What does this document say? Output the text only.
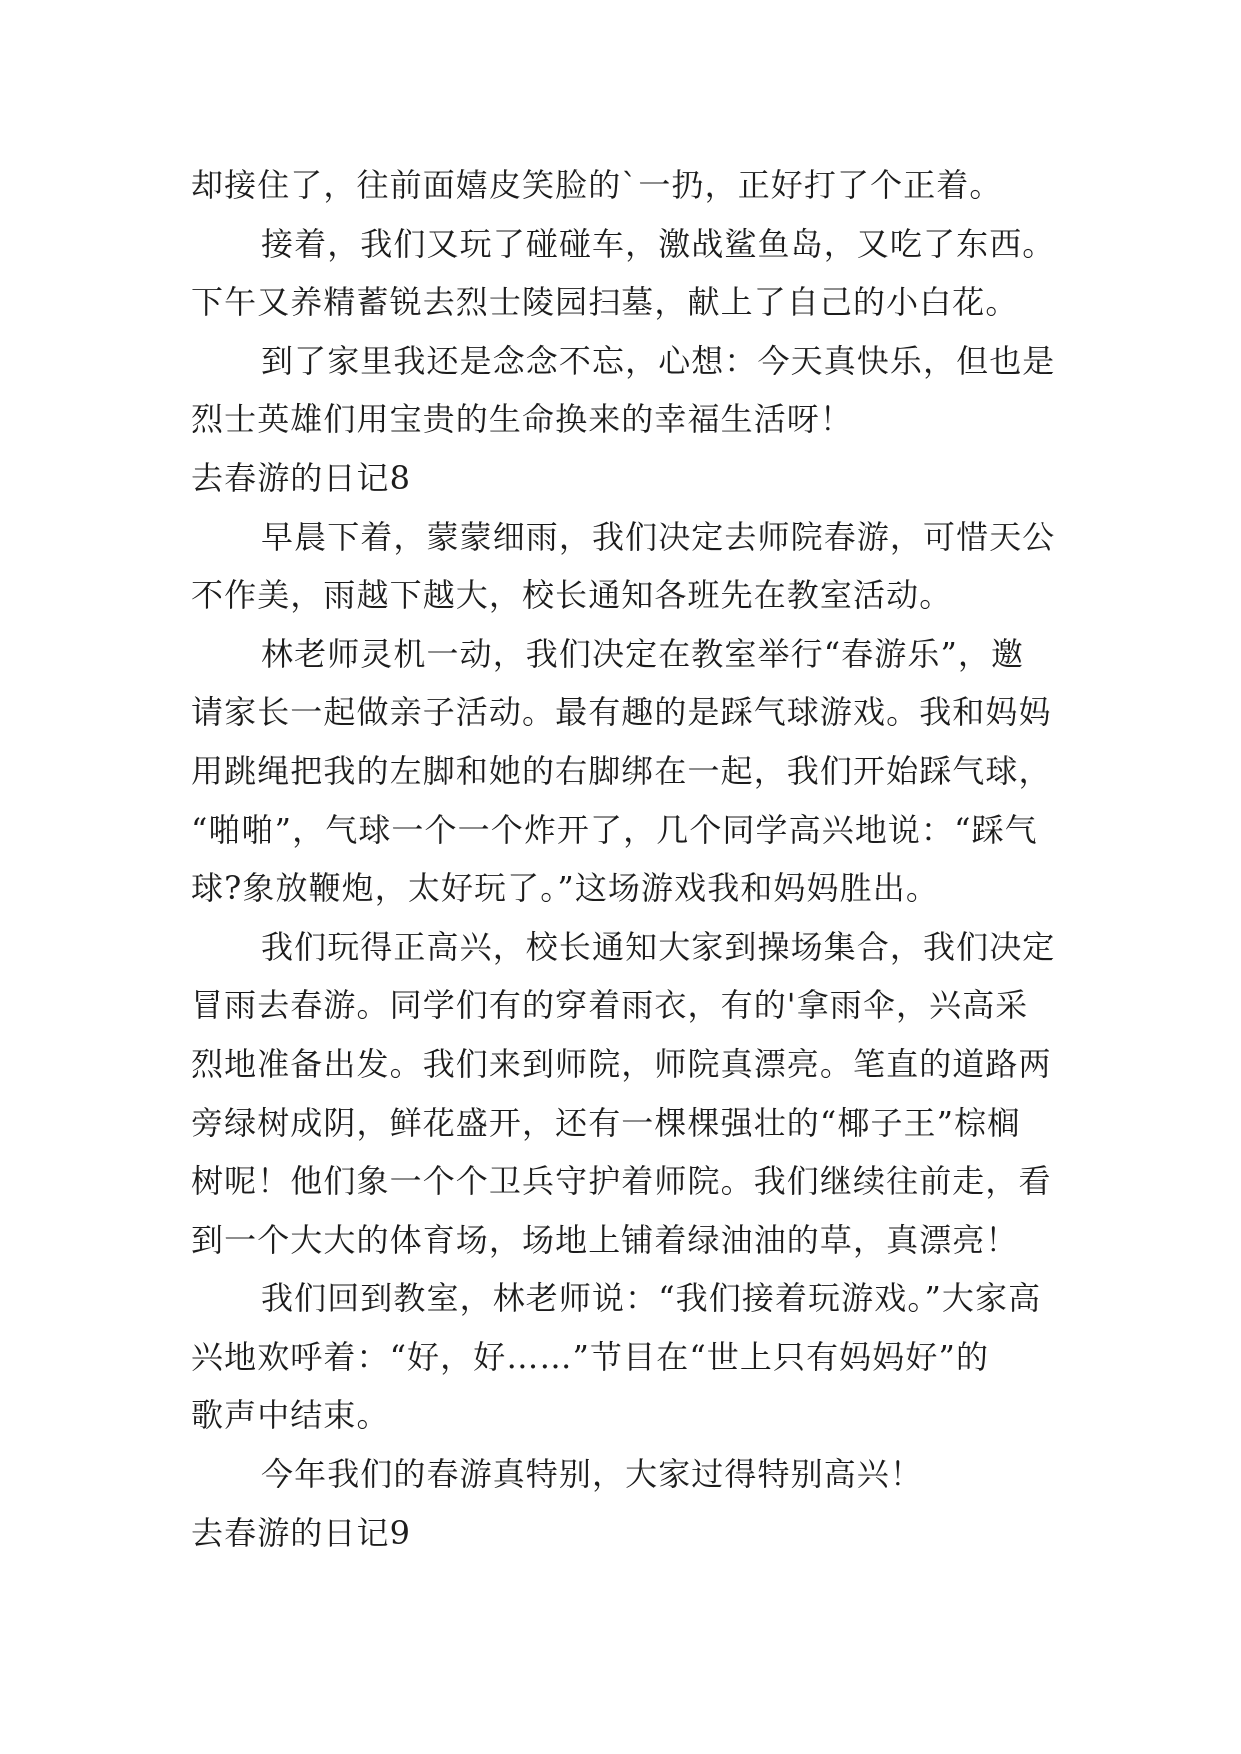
却接住了，往前面嬉皮笑脸的`一扔，正好打了个正着。
接着，我们又玩了碰碰车，激战鲨鱼岛，又吃了东西。
下午又养精蓄锐去烈士陵园扫墓，献上了自己的小白花。
到了家里我还是念念不忘，心想：今天真快乐，但也是
烈士英雄们用宝贵的生命换来的幸福生活呀！
去春游的日记8
早晨下着，蒙蒙细雨，我们决定去师院春游，可惜天公
不作美，雨越下越大，校长通知各班先在教室活动。
林老师灵机一动，我们决定在教室举行“春游乐”，邀
请家长一起做亲子活动。最有趣的是踩气球游戏。我和妈妈
用跳绳把我的左脚和她的右脚绑在一起，我们开始踩气球，
“啪啪”，气球一个一个炸开了，几个同学高兴地说：“踩气
球?象放鞭炮，太好玩了。”这场游戏我和妈妈胜出。
我们玩得正高兴，校长通知大家到操场集合，我们决定
冒雨去春游。同学们有的穿着雨衣，有的'拿雨伞，兴高采
烈地准备出发。我们来到师院，师院真漂亮。笔直的道路两
旁绿树成阴，鲜花盛开，还有一棵棵强壮的“椰子王”棕榈
树呢！他们象一个个卫兵守护着师院。我们继续往前走，看
到一个大大的体育场，场地上铺着绿油油的草，真漂亮！
我们回到教室，林老师说：“我们接着玩游戏。”大家高
兴地欢呼着：“好，好……”节目在“世上只有妈妈好”的
歌声中结束。
今年我们的春游真特别，大家过得特别高兴！
去春游的日记9
